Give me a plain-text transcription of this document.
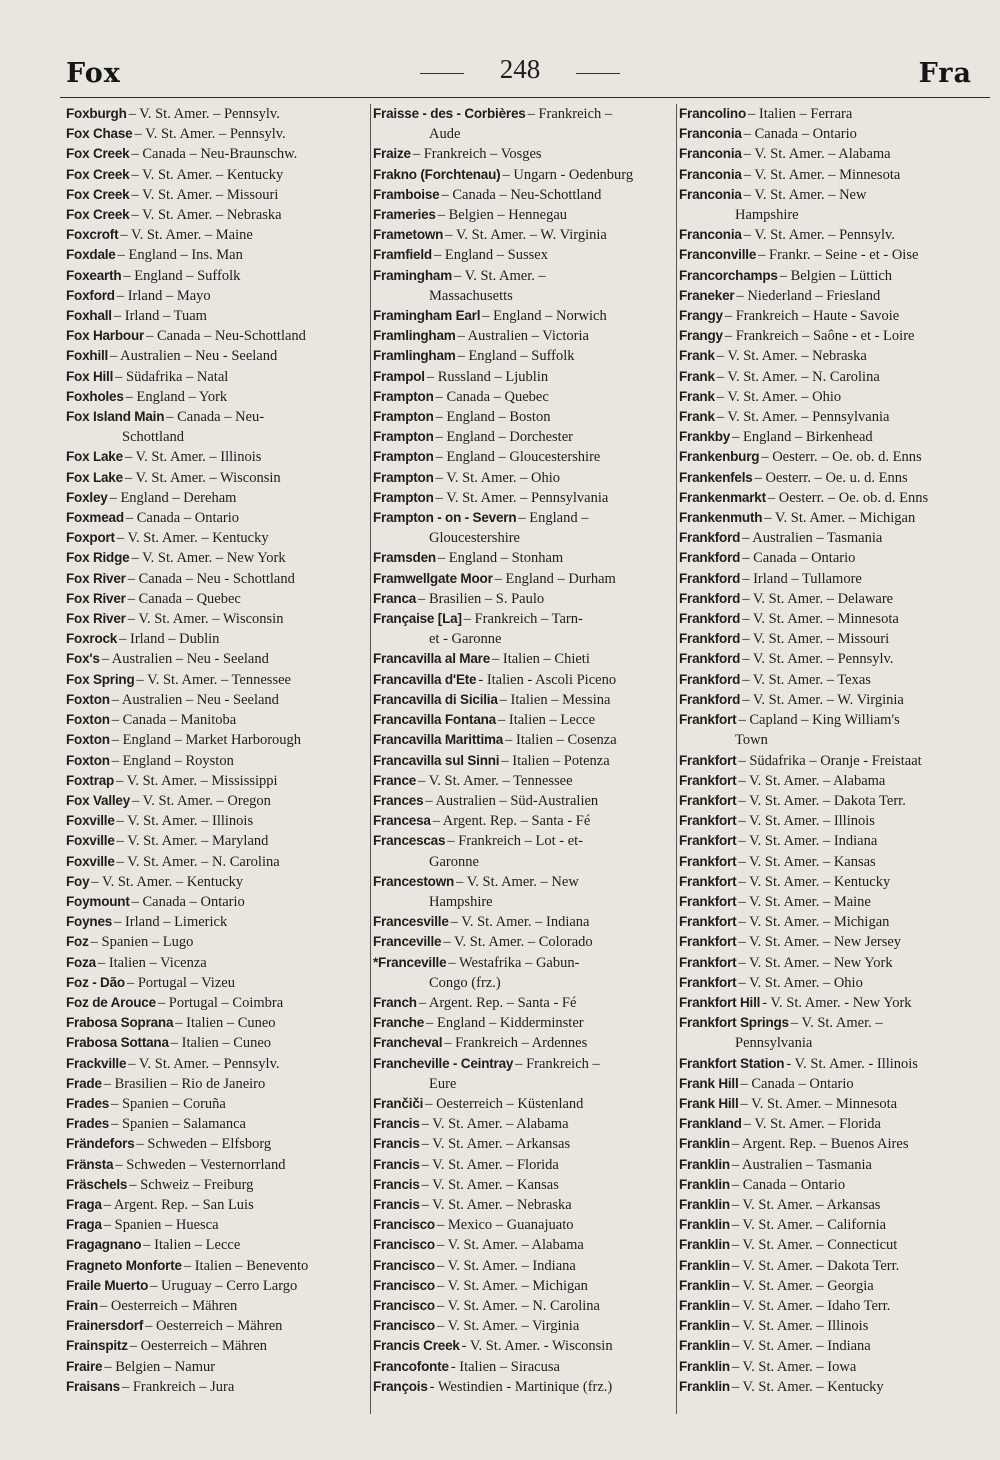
Fox	248	Fra
Foxburgh – V. St. Amer. – Pennsylv.
Fox Chase – V. St. Amer. – Pennsylv.
Fox Creek – Canada – Neu-Braunschw.
Fox Creek – V. St. Amer. – Kentucky
Fox Creek – V. St. Amer. – Missouri
Fox Creek – V. St. Amer. – Nebraska
Foxcroft – V. St. Amer. – Maine
Foxdale – England – Ins. Man
Foxearth – England – Suffolk
Foxford – Irland – Mayo
Foxhall – Irland – Tuam
Fox Harbour – Canada – Neu-Schottland
Foxhill – Australien – Neu - Seeland
Fox Hill – Südafrika – Natal
Foxholes – England – York
Fox Island Main – Canada – Neu-
Schottland
Fox Lake – V. St. Amer. – Illinois
Fox Lake – V. St. Amer. – Wisconsin
Foxley – England – Dereham
Foxmead – Canada – Ontario
Foxport – V. St. Amer. – Kentucky
Fox Ridge – V. St. Amer. – New York
Fox River – Canada – Neu - Schottland
Fox River – Canada – Quebec
Fox River – V. St. Amer. – Wisconsin
Foxrock – Irland – Dublin
Fox's – Australien – Neu - Seeland
Fox Spring – V. St. Amer. – Tennessee
Foxton – Australien – Neu - Seeland
Foxton – Canada – Manitoba
Foxton – England – Market Harborough
Foxton – England – Royston
Foxtrap – V. St. Amer. – Mississippi
Fox Valley – V. St. Amer. – Oregon
Foxville – V. St. Amer. – Illinois
Foxville – V. St. Amer. – Maryland
Foxville – V. St. Amer. – N. Carolina
Foy – V. St. Amer. – Kentucky
Foymount – Canada – Ontario
Foynes – Irland – Limerick
Foz – Spanien – Lugo
Foza – Italien – Vicenza
Foz - Dão – Portugal – Vizeu
Foz de Arouce – Portugal – Coimbra
Frabosa Soprana – Italien – Cuneo
Frabosa Sottana – Italien – Cuneo
Frackville – V. St. Amer. – Pennsylv.
Frade – Brasilien – Rio de Janeiro
Frades – Spanien – Coruña
Frades – Spanien – Salamanca
Frändefors – Schweden – Elfsborg
Fränsta – Schweden – Vesternorrland
Fräschels – Schweiz – Freiburg
Fraga – Argent. Rep. – San Luis
Fraga – Spanien – Huesca
Fragagnano – Italien – Lecce
Fragneto Monforte – Italien – Benevento
Fraile Muerto – Uruguay – Cerro Largo
Frain – Oesterreich – Mähren
Frainersdorf – Oesterreich – Mähren
Frainspitz – Oesterreich – Mähren
Fraire – Belgien – Namur
Fraisans – Frankreich – Jura
Fraisse - des - Corbières – Frankreich –
Aude
Fraize – Frankreich – Vosges
Frakno (Forchtenau) – Ungarn - Oedenburg
Framboise – Canada – Neu-Schottland
Frameries – Belgien – Hennegau
Frametown – V. St. Amer. – W. Virginia
Framfield – England – Sussex
Framingham – V. St. Amer. –
Massachusetts
Framingham Earl – England – Norwich
Framlingham – Australien – Victoria
Framlingham – England – Suffolk
Frampol – Russland – Ljublin
Frampton – Canada – Quebec
Frampton – England – Boston
Frampton – England – Dorchester
Frampton – England – Gloucestershire
Frampton – V. St. Amer. – Ohio
Frampton – V. St. Amer. – Pennsylvania
Frampton - on - Severn – England –
Gloucestershire
Framsden – England – Stonham
Framwellgate Moor – England – Durham
Franca – Brasilien – S. Paulo
Française [La] – Frankreich – Tarn-
et - Garonne
Francavilla al Mare – Italien – Chieti
Francavilla d'Ete - Italien - Ascoli Piceno
Francavilla di Sicilia – Italien – Messina
Francavilla Fontana – Italien – Lecce
Francavilla Marittima – Italien – Cosenza
Francavilla sul Sinni – Italien – Potenza
France – V. St. Amer. – Tennessee
Frances – Australien – Süd-Australien
Francesa – Argent. Rep. – Santa - Fé
Francescas – Frankreich – Lot - et-
Garonne
Francestown – V. St. Amer. – New
Hampshire
Francesville – V. St. Amer. – Indiana
Franceville – V. St. Amer. – Colorado
*Franceville – Westafrika – Gabun-
Congo (frz.)
Franch – Argent. Rep. – Santa - Fé
Franche – England – Kidderminster
Francheval – Frankreich – Ardennes
Francheville - Ceintray – Frankreich –
Eure
Frančiči – Oesterreich – Küstenland
Francis – V. St. Amer. – Alabama
Francis – V. St. Amer. – Arkansas
Francis – V. St. Amer. – Florida
Francis – V. St. Amer. – Kansas
Francis – V. St. Amer. – Nebraska
Francisco – Mexico – Guanajuato
Francisco – V. St. Amer. – Alabama
Francisco – V. St. Amer. – Indiana
Francisco – V. St. Amer. – Michigan
Francisco – V. St. Amer. – N. Carolina
Francisco – V. St. Amer. – Virginia
Francis Creek - V. St. Amer. - Wisconsin
Francofonte - Italien – Siracusa
François - Westindien - Martinique (frz.)
Francolino – Italien – Ferrara
Franconia – Canada – Ontario
Franconia – V. St. Amer. – Alabama
Franconia – V. St. Amer. – Minnesota
Franconia – V. St. Amer. – New
Hampshire
Franconia – V. St. Amer. – Pennsylv.
Franconville – Frankr. – Seine - et - Oise
Francorchamps – Belgien – Lüttich
Franeker – Niederland – Friesland
Frangy – Frankreich – Haute - Savoie
Frangy – Frankreich – Saône - et - Loire
Frank – V. St. Amer. – Nebraska
Frank – V. St. Amer. – N. Carolina
Frank – V. St. Amer. – Ohio
Frank – V. St. Amer. – Pennsylvania
Frankby – England – Birkenhead
Frankenburg – Oesterr. – Oe. ob. d. Enns
Frankenfels – Oesterr. – Oe. u. d. Enns
Frankenmarkt – Oesterr. – Oe. ob. d. Enns
Frankenmuth – V. St. Amer. – Michigan
Frankford – Australien – Tasmania
Frankford – Canada – Ontario
Frankford – Irland – Tullamore
Frankford – V. St. Amer. – Delaware
Frankford – V. St. Amer. – Minnesota
Frankford – V. St. Amer. – Missouri
Frankford – V. St. Amer. – Pennsylv.
Frankford – V. St. Amer. – Texas
Frankford – V. St. Amer. – W. Virginia
Frankfort – Capland – King William's
Town
Frankfort – Südafrika – Oranje - Freistaat
Frankfort – V. St. Amer. – Alabama
Frankfort – V. St. Amer. – Dakota Terr.
Frankfort – V. St. Amer. – Illinois
Frankfort – V. St. Amer. – Indiana
Frankfort – V. St. Amer. – Kansas
Frankfort – V. St. Amer. – Kentucky
Frankfort – V. St. Amer. – Maine
Frankfort – V. St. Amer. – Michigan
Frankfort – V. St. Amer. – New Jersey
Frankfort – V. St. Amer. – New York
Frankfort – V. St. Amer. – Ohio
Frankfort Hill - V. St. Amer. - New York
Frankfort Springs – V. St. Amer. –
Pennsylvania
Frankfort Station - V. St. Amer. - Illinois
Frank Hill – Canada – Ontario
Frank Hill – V. St. Amer. – Minnesota
Frankland – V. St. Amer. – Florida
Franklin – Argent. Rep. – Buenos Aires
Franklin – Australien – Tasmania
Franklin – Canada – Ontario
Franklin – V. St. Amer. – Arkansas
Franklin – V. St. Amer. – California
Franklin – V. St. Amer. – Connecticut
Franklin – V. St. Amer. – Dakota Terr.
Franklin – V. St. Amer. – Georgia
Franklin – V. St. Amer. – Idaho Terr.
Franklin – V. St. Amer. – Illinois
Franklin – V. St. Amer. – Indiana
Franklin – V. St. Amer. – Iowa
Franklin – V. St. Amer. – Kentucky
